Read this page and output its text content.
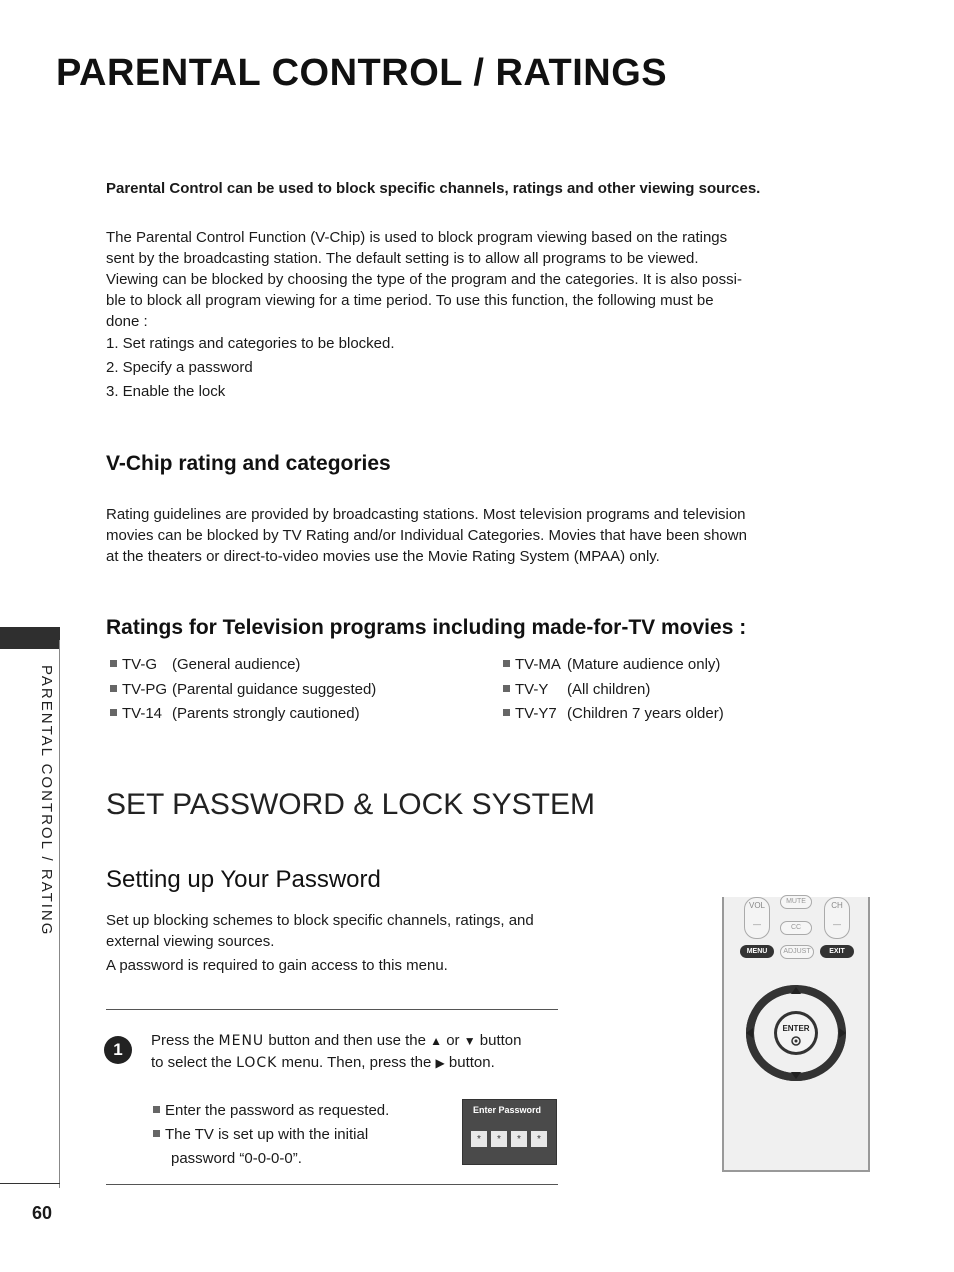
PARENTAL CONTROL / RATINGS
Parental Control can be used to block specific channels, ratings and other viewing sources.
The Parental Control Function (V-Chip) is used to block program viewing based on the ratings
sent by the broadcasting station. The default setting is to allow all programs to be viewed.
Viewing can be blocked by choosing the type of the program and the categories. It is also possi-
ble to block all program viewing for a time period. To use this function, the following must be
done :
1. Set ratings and categories to be blocked.
2. Specify a password
3. Enable the lock
V-Chip rating and categories
Rating guidelines are provided by broadcasting stations. Most television programs and television
movies can be blocked by TV Rating and/or Individual Categories. Movies that have been shown
at the theaters or direct-to-video movies use the Movie Rating System (MPAA) only.
Ratings for Television programs including made-for-TV movies :
TV-G (General audience)
TV-PG (Parental guidance suggested)
TV-14 (Parents strongly cautioned)
TV-MA (Mature audience only)
TV-Y (All children)
TV-Y7 (Children 7 years older)
SET PASSWORD & LOCK SYSTEM
Setting up Your Password
Set up blocking schemes to block specific channels, ratings, and
external viewing sources.
A password is required to gain access to this menu.
1	Press the MENU button and then use the ▲ or ▼ button
to select the LOCK menu. Then, press the ▶ button.
Enter the password as requested.
The TV is set up with the initial
password “0-0-0-0”.
Enter Password
*	*	*	*
VOL
—
CH
—
MUTE
CC
MENU	ADJUST	EXIT
ENTER
PARENTAL CONTROL / RATING
60
